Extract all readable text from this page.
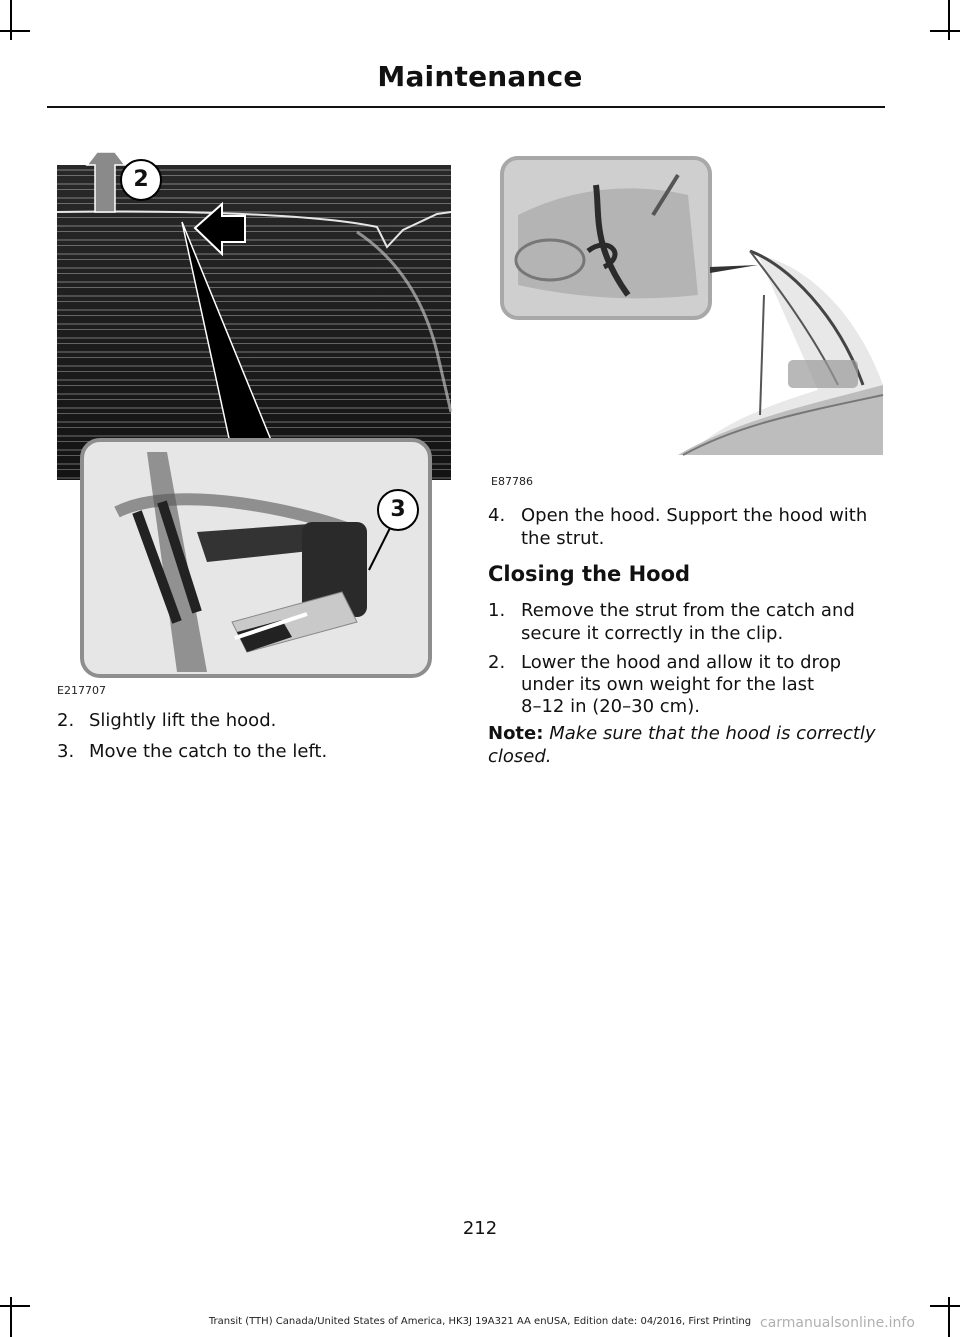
Maintenance
2
3
E217707
E87786
2. Slightly lift the hood.
3. Move the catch to the left.
4. Open the hood. Support the hood with
the strut.
Closing the Hood
1. Remove the strut from the catch and
secure it correctly in the clip.
2. Lower the hood and allow it to drop
under its own weight for the last
8–12 in (20–30 cm).
Note: Make sure that the hood is correctly
closed.
212
Transit (TTH) Canada/United States of America, HK3J 19A321 AA enUSA, Edition date: 04/2016, First Printing carmanualsonline.info
